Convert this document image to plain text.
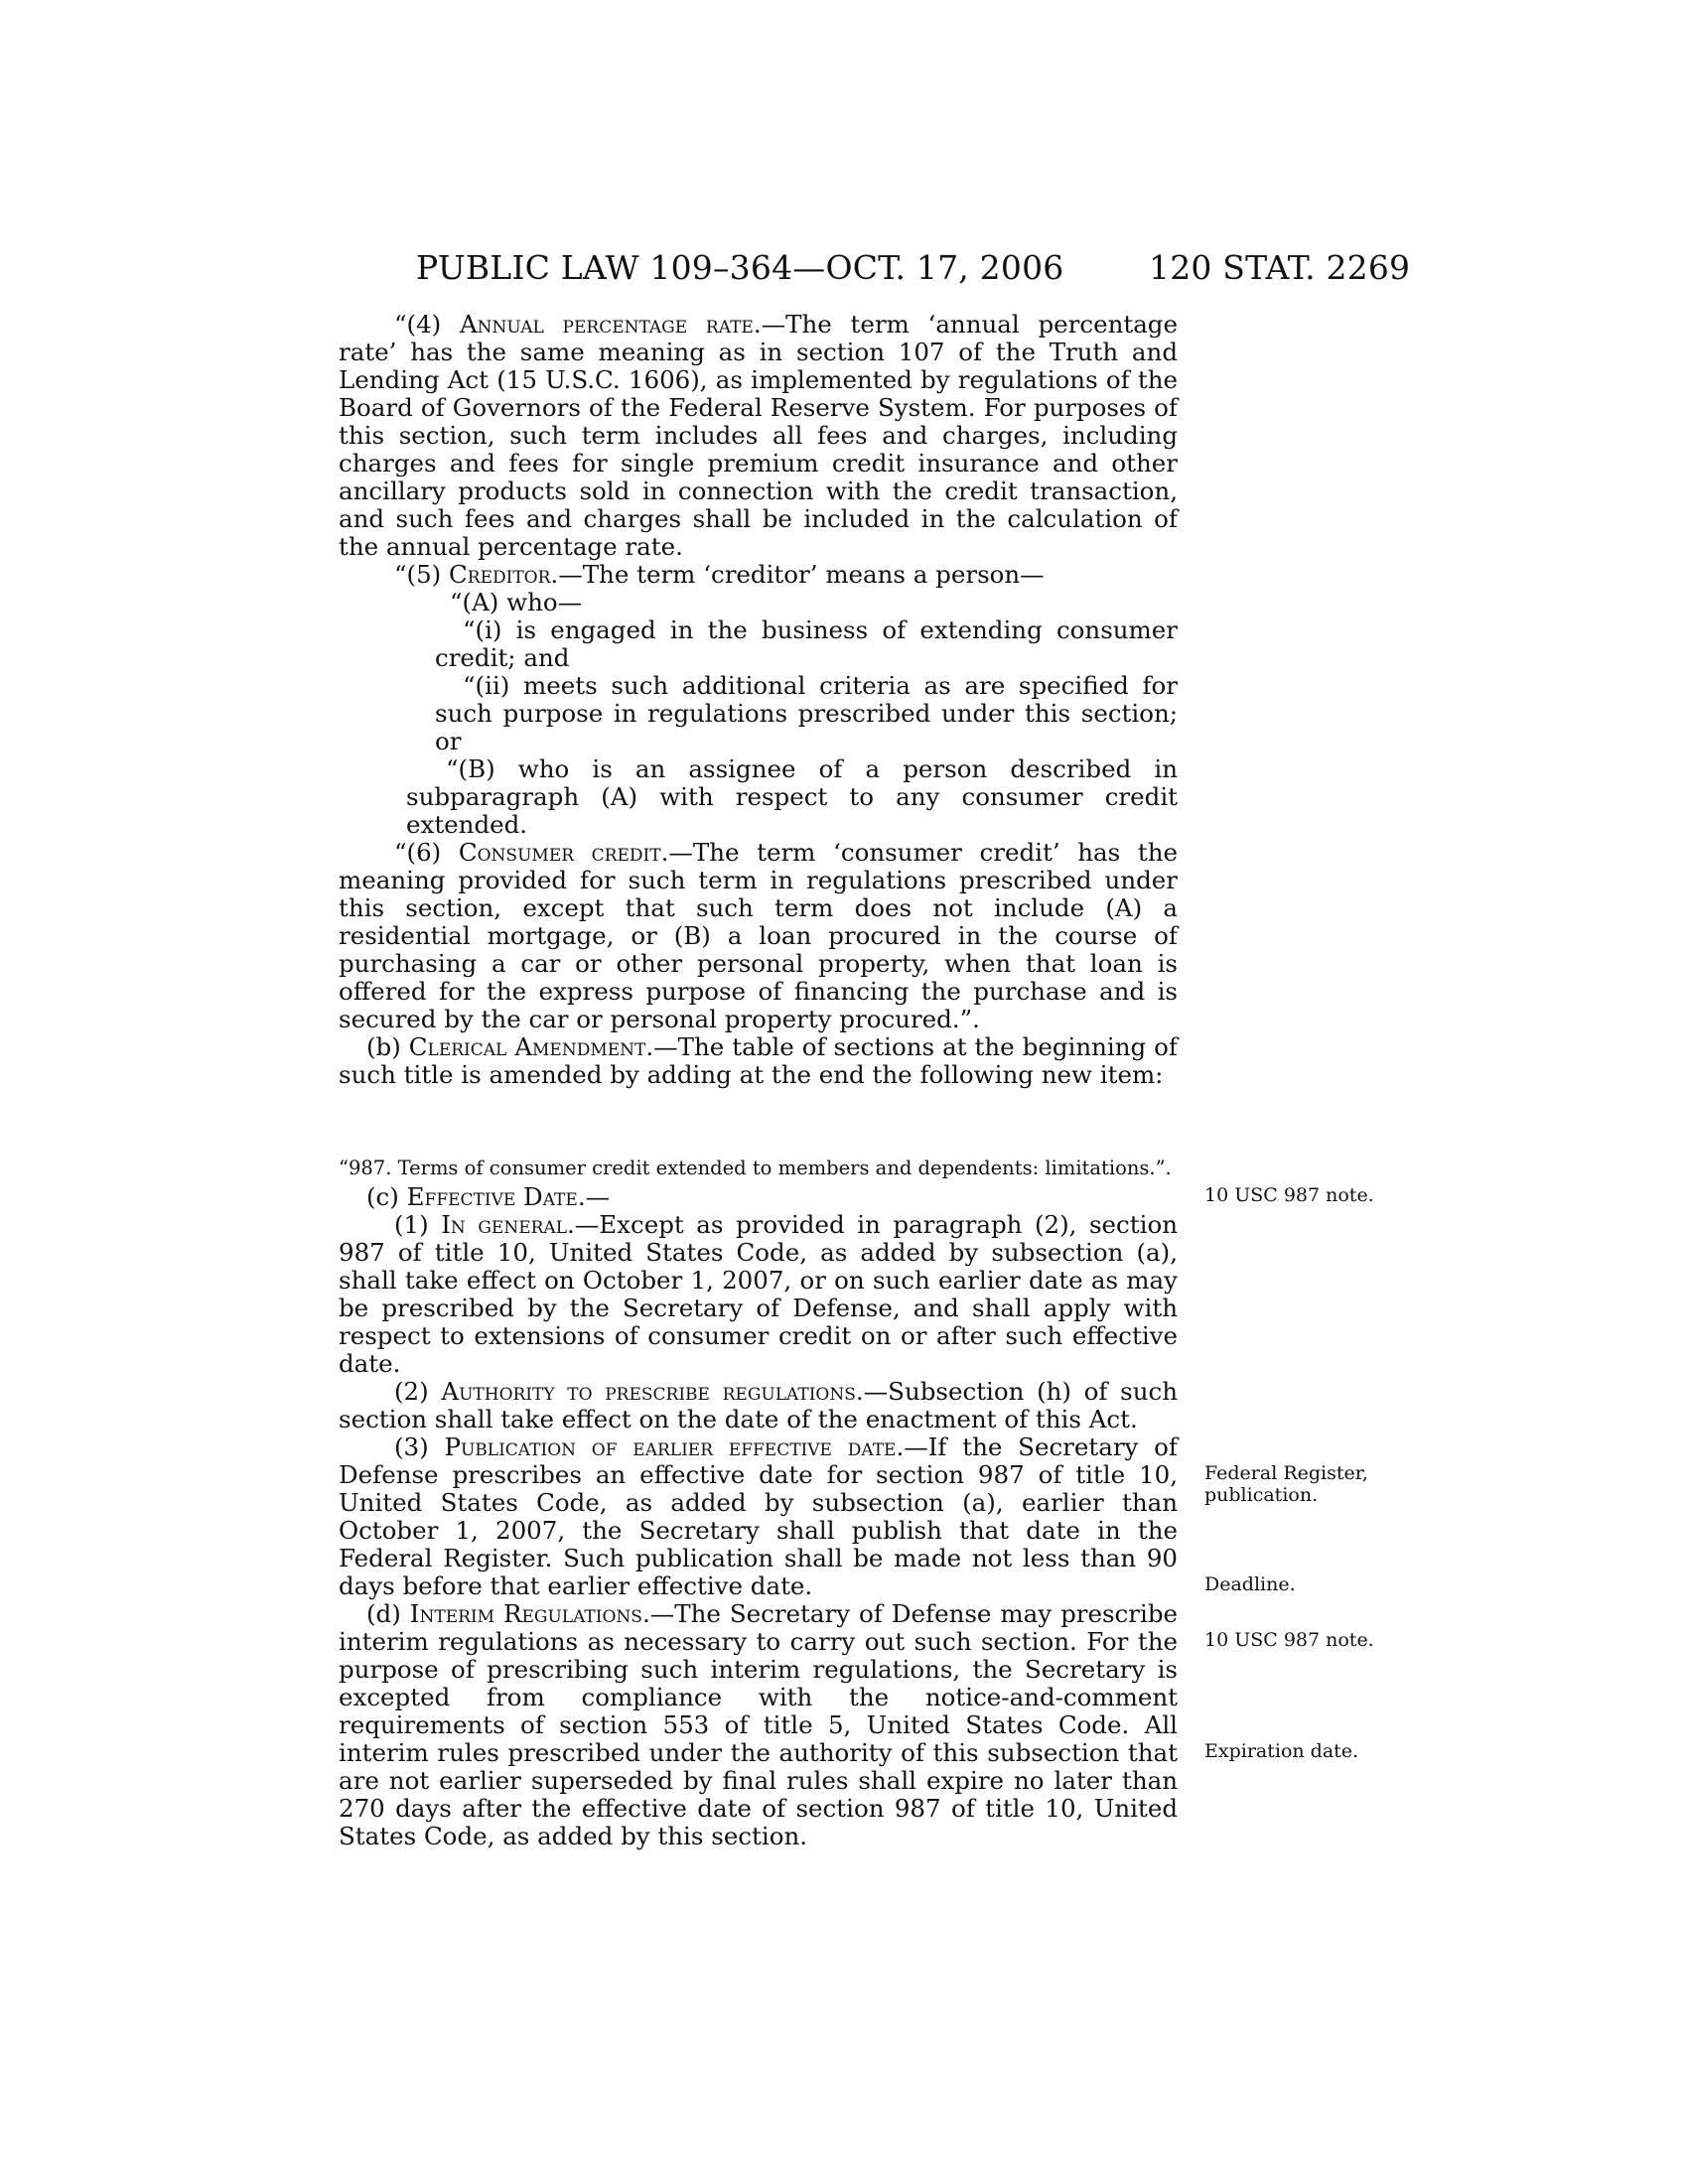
PUBLIC LAW 109–364—OCT. 17, 2006	120 STAT. 2269

“(4) Annual percentage rate.—The term ‘annual percentage rate’ has the same meaning as in section 107 of the Truth and Lending Act (15 U.S.C. 1606), as implemented by regulations of the Board of Governors of the Federal Reserve System. For purposes of this section, such term includes all fees and charges, including charges and fees for single premium credit insurance and other ancillary products sold in connection with the credit transaction, and such fees and charges shall be included in the calculation of the annual percentage rate.

“(5) Creditor.—The term ‘creditor’ means a person—

“(A) who—

“(i) is engaged in the business of extending consumer credit; and

“(ii) meets such additional criteria as are specified for such purpose in regulations prescribed under this section; or

“(B) who is an assignee of a person described in subparagraph (A) with respect to any consumer credit extended.

“(6) Consumer credit.—The term ‘consumer credit’ has the meaning provided for such term in regulations prescribed under this section, except that such term does not include (A) a residential mortgage, or (B) a loan procured in the course of purchasing a car or other personal property, when that loan is offered for the express purpose of financing the purchase and is secured by the car or personal property procured.”.

(b) Clerical Amendment.—The table of sections at the beginning of such title is amended by adding at the end the following new item:

“987. Terms of consumer credit extended to members and dependents: limitations.”.

(c) Effective Date.—

(1) In general.—Except as provided in paragraph (2), section 987 of title 10, United States Code, as added by subsection (a), shall take effect on October 1, 2007, or on such earlier date as may be prescribed by the Secretary of Defense, and shall apply with respect to extensions of consumer credit on or after such effective date.

(2) Authority to prescribe regulations.—Subsection (h) of such section shall take effect on the date of the enactment of this Act.

(3) Publication of earlier effective date.—If the Secretary of Defense prescribes an effective date for section 987 of title 10, United States Code, as added by subsection (a), earlier than October 1, 2007, the Secretary shall publish that date in the Federal Register. Such publication shall be made not less than 90 days before that earlier effective date.

(d) Interim Regulations.—The Secretary of Defense may prescribe interim regulations as necessary to carry out such section. For the purpose of prescribing such interim regulations, the Secretary is excepted from compliance with the notice-and-comment requirements of section 553 of title 5, United States Code. All interim rules prescribed under the authority of this subsection that are not earlier superseded by final rules shall expire no later than 270 days after the effective date of section 987 of title 10, United States Code, as added by this section.

10 USC 987 note.
Federal Register,
publication.
Deadline.
10 USC 987 note.
Expiration date.
